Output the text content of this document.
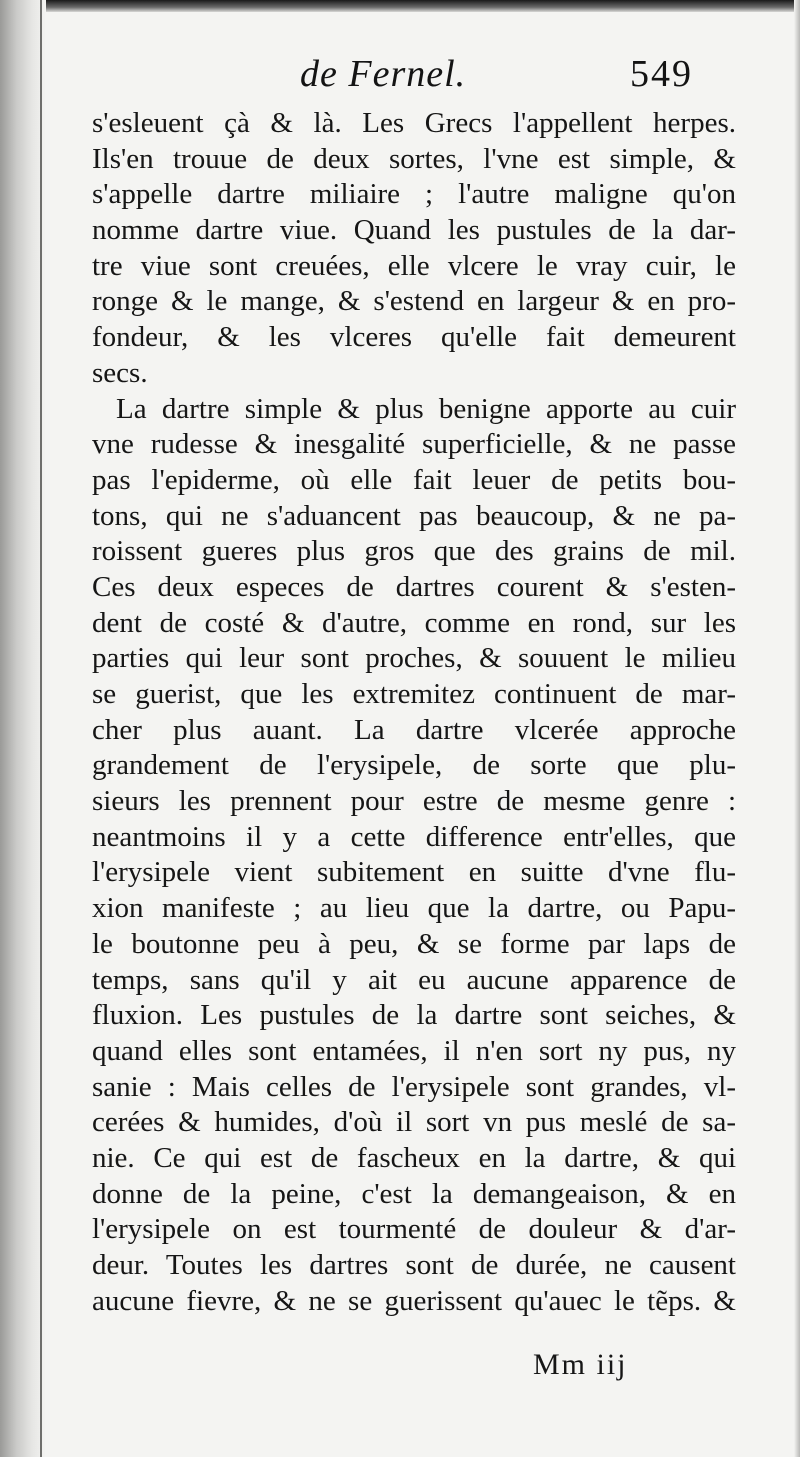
de Fernel.	549
s'esleuent çà & là. Les Grecs l'appellent herpes.
Ils'en trouue de deux sortes, l'vne est simple, &
s'appelle dartre miliaire ; l'autre maligne qu'on
nomme dartre viue. Quand les pustules de la dar-
tre viue sont creuées, elle vlcere le vray cuir, le
ronge & le mange, & s'estend en largeur & en pro-
fondeur, & les vlceres qu'elle fait demeurent
secs.
La dartre simple & plus benigne apporte au cuir
vne rudesse & inesgalité superficielle, & ne passe
pas l'epiderme, où elle fait leuer de petits bou-
tons, qui ne s'aduancent pas beaucoup, & ne pa-
roissent gueres plus gros que des grains de mil.
Ces deux especes de dartres courent & s'esten-
dent de costé & d'autre, comme en rond, sur les
parties qui leur sont proches, & souuent le milieu
se guerist, que les extremitez continuent de mar-
cher plus auant. La dartre vlcerée approche
grandement de l'erysipele, de sorte que plu-
sieurs les prennent pour estre de mesme genre :
neantmoins il y a cette difference entr'elles, que
l'erysipele vient subitement en suitte d'vne flu-
xion manifeste ; au lieu que la dartre, ou Papu-
le boutonne peu à peu, & se forme par laps de
temps, sans qu'il y ait eu aucune apparence de
fluxion. Les pustules de la dartre sont seiches, &
quand elles sont entamées, il n'en sort ny pus, ny
sanie : Mais celles de l'erysipele sont grandes, vl-
cerées & humides, d'où il sort vn pus meslé de sa-
nie. Ce qui est de fascheux en la dartre, & qui
donne de la peine, c'est la demangeaison, & en
l'erysipele on est tourmenté de douleur & d'ar-
deur. Toutes les dartres sont de durée, ne causent
aucune fievre, & ne se guerissent qu'auec le tẽps. &
Mm iij
